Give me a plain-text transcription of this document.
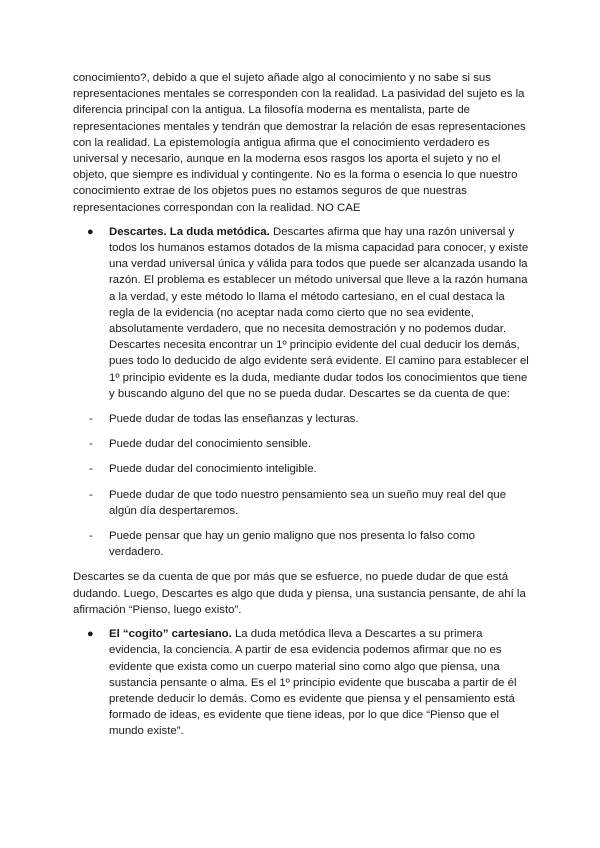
conocimiento?, debido a que el sujeto añade algo al conocimiento y no sabe si sus representaciones mentales se corresponden con la realidad. La pasividad del sujeto es la diferencia principal con la antigua. La filosofía moderna es mentalista, parte de representaciones mentales y tendrán que demostrar la relación de esas representaciones con la realidad. La epistemología antigua afirma que el conocimiento verdadero es universal y necesario, aunque en la moderna esos rasgos los aporta el sujeto y no el objeto, que siempre es individual y contingente. No es la forma o esencia lo que nuestro conocimiento extrae de los objetos pues no estamos seguros de que nuestras representaciones correspondan con la realidad. NO CAE

● Descartes. La duda metódica. Descartes afirma que hay una razón universal y todos los humanos estamos dotados de la misma capacidad para conocer, y existe una verdad universal única y válida para todos que puede ser alcanzada usando la razón. El problema es establecer un método universal que lleve a la razón humana a la verdad, y este método lo llama el método cartesiano, en el cual destaca la regla de la evidencia (no aceptar nada como cierto que no sea evidente, absolutamente verdadero, que no necesita demostración y no podemos dudar. Descartes necesita encontrar un 1º principio evidente del cual deducir los demás, pues todo lo deducido de algo evidente será evidente. El camino para establecer el 1º principio evidente es la duda, mediante dudar todos los conocimientos que tiene y buscando alguno del que no se pueda dudar. Descartes se da cuenta de que:

- Puede dudar de todas las enseñanzas y lecturas.

- Puede dudar del conocimiento sensible.

- Puede dudar del conocimiento inteligible.

- Puede dudar de que todo nuestro pensamiento sea un sueño muy real del que algún día despertaremos.

- Puede pensar que hay un genio maligno que nos presenta lo falso como verdadero.

Descartes se da cuenta de que por más que se esfuerce, no puede dudar de que está dudando. Luego, Descartes es algo que duda y piensa, una sustancia pensante, de ahí la afirmación “Pienso, luego existo”.

● El “cogito” cartesiano. La duda metódica lleva a Descartes a su primera evidencia, la conciencia. A partir de esa evidencia podemos afirmar que no es evidente que exista como un cuerpo material sino como algo que piensa, una sustancia pensante o alma. Es el 1º principio evidente que buscaba a partir de él pretende deducir lo demás. Como es evidente que piensa y el pensamiento está formado de ideas, es evidente que tiene ideas, por lo que dice “Pienso que el mundo existe”.
